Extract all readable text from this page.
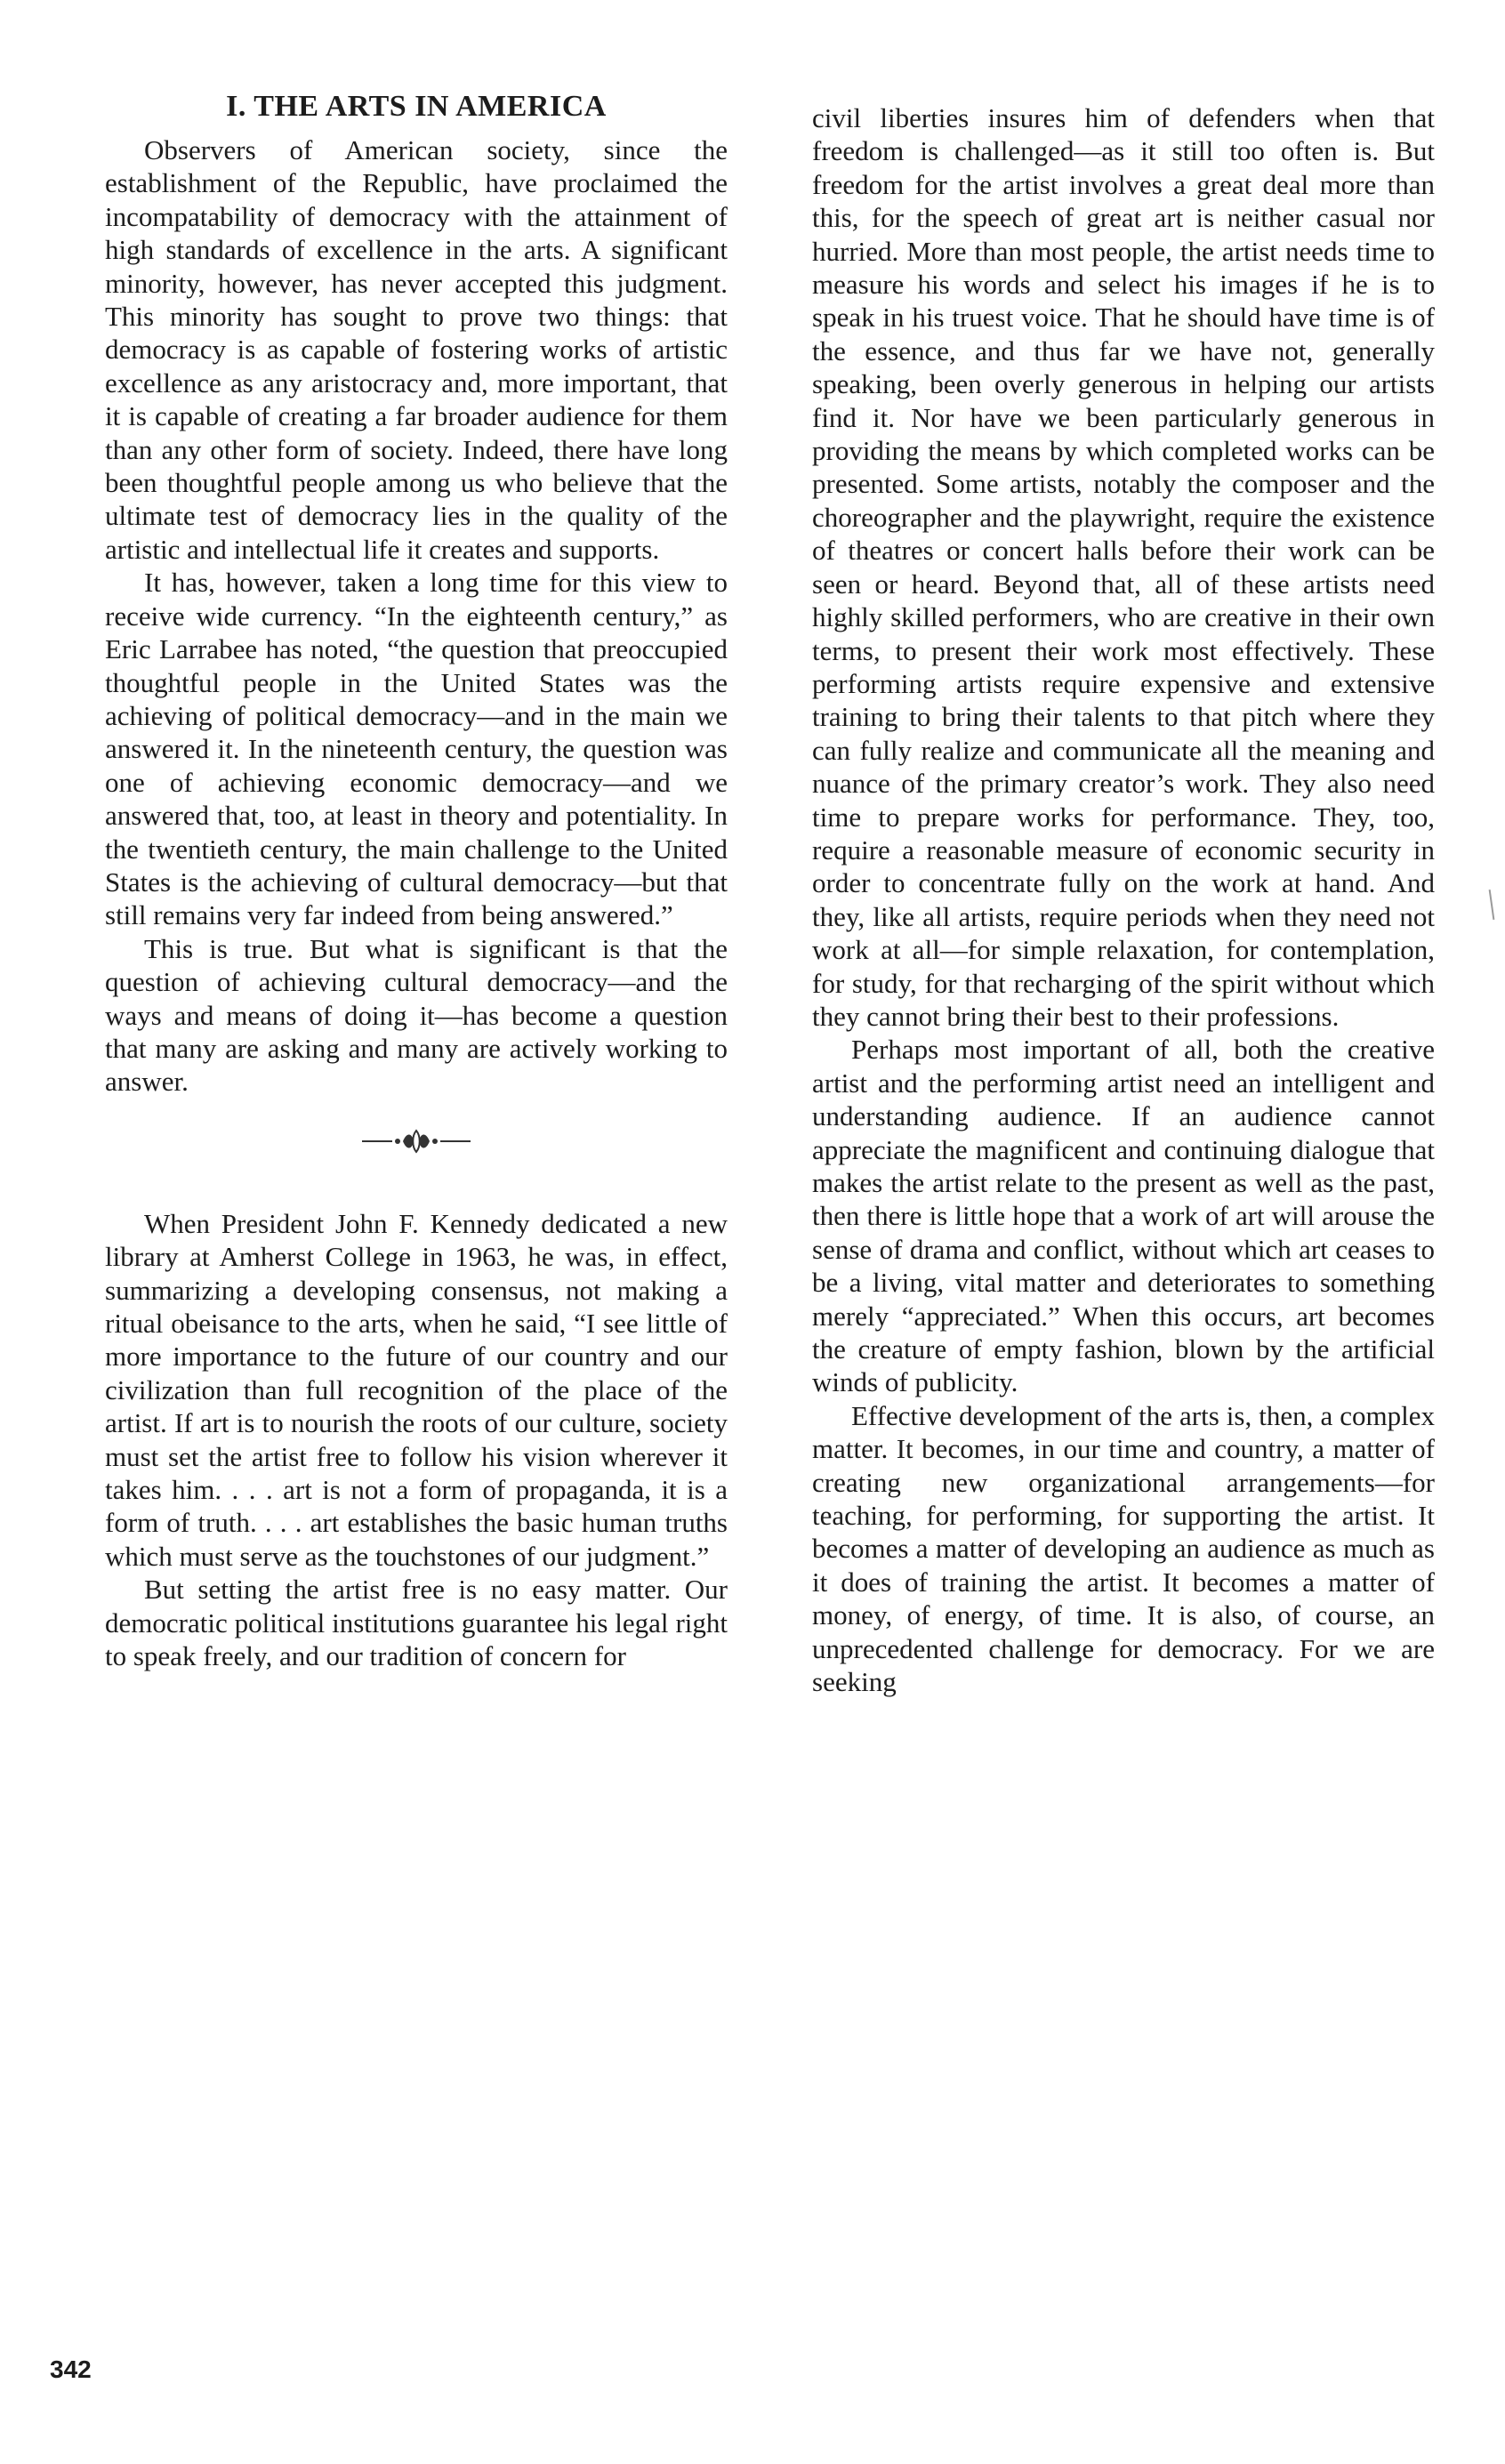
I. THE ARTS IN AMERICA

Observers of American society, since the establishment of the Republic, have proclaimed the incompatability of democracy with the attainment of high standards of excellence in the arts. A significant minority, however, has never accepted this judgment. This minority has sought to prove two things: that democracy is as capable of fostering works of artistic excellence as any aristocracy and, more important, that it is capable of creating a far broader audience for them than any other form of society. Indeed, there have long been thoughtful people among us who believe that the ultimate test of democracy lies in the quality of the artistic and intellectual life it creates and supports.

It has, however, taken a long time for this view to receive wide currency. “In the eighteenth century,” as Eric Larrabee has noted, “the question that preoccupied thoughtful people in the United States was the achieving of political democracy—and in the main we answered it. In the nineteenth century, the question was one of achieving economic democracy—and we answered that, too, at least in theory and potentiality. In the twentieth century, the main challenge to the United States is the achieving of cultural democracy—but that still remains very far indeed from being answered.”

This is true. But what is significant is that the question of achieving cultural democracy—and the ways and means of doing it—has become a question that many are asking and many are actively working to answer.

When President John F. Kennedy dedicated a new library at Amherst College in 1963, he was, in effect, summarizing a developing consensus, not making a ritual obeisance to the arts, when he said, “I see little of more importance to the future of our country and our civilization than full recognition of the place of the artist. If art is to nourish the roots of our culture, society must set the artist free to follow his vision wherever it takes him. . . . art is not a form of propaganda, it is a form of truth. . . . art establishes the basic human truths which must serve as the touchstones of our judgment.”

But setting the artist free is no easy matter. Our democratic political institutions guarantee his legal right to speak freely, and our tradition of concern for

civil liberties insures him of defenders when that freedom is challenged—as it still too often is. But freedom for the artist involves a great deal more than this, for the speech of great art is neither casual nor hurried. More than most people, the artist needs time to measure his words and select his images if he is to speak in his truest voice. That he should have time is of the essence, and thus far we have not, generally speaking, been overly generous in helping our artists find it. Nor have we been particularly generous in providing the means by which completed works can be presented. Some artists, notably the composer and the choreographer and the playwright, require the existence of theatres or concert halls before their work can be seen or heard. Beyond that, all of these artists need highly skilled performers, who are creative in their own terms, to present their work most effectively. These performing artists require expensive and extensive training to bring their talents to that pitch where they can fully realize and communicate all the meaning and nuance of the primary creator’s work. They also need time to prepare works for performance. They, too, require a reasonable measure of economic security in order to concentrate fully on the work at hand. And they, like all artists, require periods when they need not work at all—for simple relaxation, for contemplation, for study, for that recharging of the spirit without which they cannot bring their best to their professions.

Perhaps most important of all, both the creative artist and the performing artist need an intelligent and understanding audience. If an audience cannot appreciate the magnificent and continuing dialogue that makes the artist relate to the present as well as the past, then there is little hope that a work of art will arouse the sense of drama and conflict, without which art ceases to be a living, vital matter and deteriorates to something merely “appreciated.” When this occurs, art becomes the creature of empty fashion, blown by the artificial winds of publicity.

Effective development of the arts is, then, a complex matter. It becomes, in our time and country, a matter of creating new organizational arrangements—for teaching, for performing, for supporting the artist. It becomes a matter of developing an audience as much as it does of training the artist. It becomes a matter of money, of energy, of time. It is also, of course, an unprecedented challenge for democracy. For we are seeking

342
